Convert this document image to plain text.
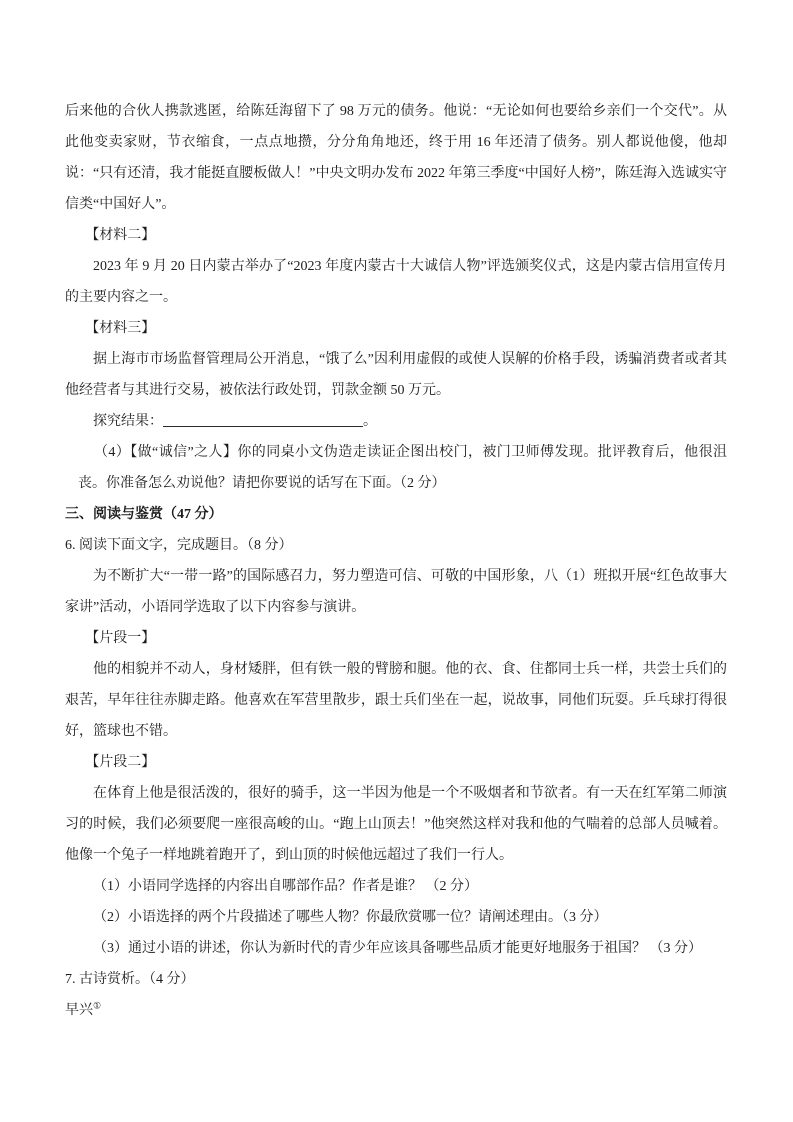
后来他的合伙人携款逃匿，给陈廷海留下了 98 万元的债务。他说：“无论如何也要给乡亲们一个交代”。从此他变卖家财，节衣缩食，一点点地攒，分分角角地还，终于用 16 年还清了债务。别人都说他傻，他却说：“只有还清，我才能挺直腰板做人！”中央文明办发布 2022 年第三季度“中国好人榜”，陈廷海入选诚实守信类“中国好人”。

【材料二】

2023 年 9 月 20 日内蒙古举办了“2023 年度内蒙古十大诚信人物”评选颁奖仪式，这是内蒙古信用宣传月的主要内容之一。

【材料三】

据上海市市场监督管理局公开消息，“饿了么”因利用虚假的或使人误解的价格手段，诱骗消费者或者其他经营者与其进行交易，被依法行政处罚，罚款金额 50 万元。

探究结果：	。

（4）【做“诚信”之人】你的同桌小文伪造走读证企图出校门，被门卫师傅发现。批评教育后，他很沮丧。你准备怎么劝说他？请把你要说的话写在下面。（2 分）

三、阅读与鉴赏（47 分）

6. 阅读下面文字，完成题目。（8 分）

为不断扩大“一带一路”的国际感召力，努力塑造可信、可敬的中国形象，八（1）班拟开展“红色故事大家讲”活动，小语同学选取了以下内容参与演讲。

【片段一】

他的相貌并不动人，身材矮胖，但有铁一般的臂膀和腿。他的衣、食、住都同士兵一样，共尝士兵们的艰苦，早年往往赤脚走路。他喜欢在军营里散步，跟士兵们坐在一起，说故事，同他们玩耍。乒乓球打得很好，篮球也不错。

【片段二】

在体育上他是很活泼的，很好的骑手，这一半因为他是一个不吸烟者和节欲者。有一天在红军第二师演习的时候，我们必须要爬一座很高峻的山。“跑上山顶去！”他突然这样对我和他的气喘着的总部人员喊着。他像一个兔子一样地跳着跑开了，到山顶的时候他远超过了我们一行人。

（1）小语同学选择的内容出自哪部作品？作者是谁？ （2 分）

（2）小语选择的两个片段描述了哪些人物？你最欣赏哪一位？请阐述理由。（3 分）

（3）通过小语的讲述，你认为新时代的青少年应该具备哪些品质才能更好地服务于祖国？ （3 分）

7. 古诗赏析。（4 分）

早兴①
